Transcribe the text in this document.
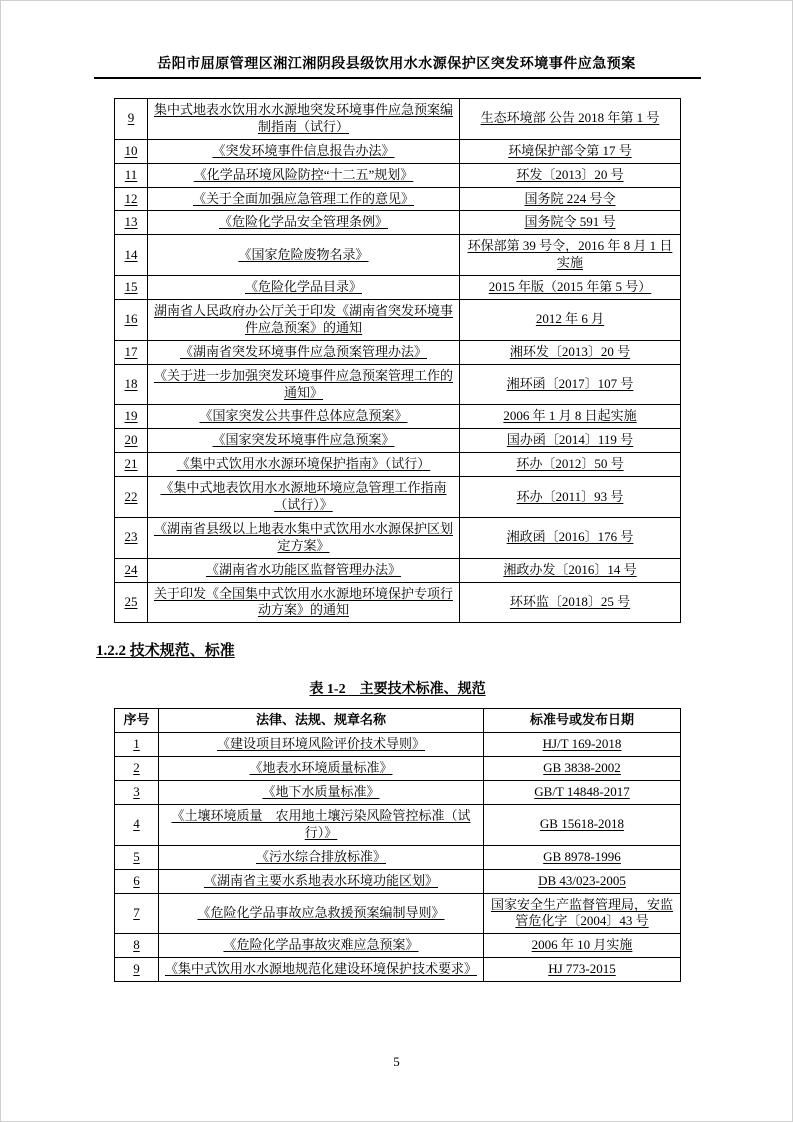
岳阳市屈原管理区湘江湘阴段县级饮用水水源保护区突发环境事件应急预案
9	集中式地表水饮用水水源地突发环境事件应急预案编制指南（试行）	生态环境部 公告 2018 年第 1 号
10	《突发环境事件信息报告办法》	环境保护部令第 17 号
11	《化学品环境风险防控“十二五”规划》	环发〔2013〕20 号
12	《关于全面加强应急管理工作的意见》	国务院 224 号令
13	《危险化学品安全管理条例》	国务院令 591 号
14	《国家危险废物名录》	环保部第 39 号令，2016 年 8 月 1 日实施
15	《危险化学品目录》	2015 年版（2015 年第 5 号）
16	湖南省人民政府办公厅关于印发《湖南省突发环境事件应急预案》的通知	2012 年 6 月
17	《湖南省突发环境事件应急预案管理办法》	湘环发〔2013〕20 号
18	《关于进一步加强突发环境事件应急预案管理工作的通知》	湘环函〔2017〕107 号
19	《国家突发公共事件总体应急预案》	2006 年 1 月 8 日起实施
20	《国家突发环境事件应急预案》	国办函〔2014〕119 号
21	《集中式饮用水水源环境保护指南》（试行）	环办〔2012〕50 号
22	《集中式地表饮用水水源地环境应急管理工作指南（试行）》	环办〔2011〕93 号
23	《湖南省县级以上地表水集中式饮用水水源保护区划定方案》	湘政函〔2016〕176 号
24	《湖南省水功能区监督管理办法》	湘政办发〔2016〕14 号
25	关于印发《全国集中式饮用水水源地环境保护专项行动方案》的通知	环环监〔2018〕25 号
1.2.2 技术规范、标准
表 1-2　主要技术标准、规范
序号	法律、法规、规章名称	标准号或发布日期
1	《建设项目环境风险评价技术导则》	HJ/T 169-2018
2	《地表水环境质量标准》	GB 3838-2002
3	《地下水质量标准》	GB/T 14848-2017
4	《土壤环境质量　农用地土壤污染风险管控标准（试行）》	GB 15618-2018
5	《污水综合排放标准》	GB 8978-1996
6	《湖南省主要水系地表水环境功能区划》	DB 43/023-2005
7	《危险化学品事故应急救援预案编制导则》	国家安全生产监督管理局，安监管危化字〔2004〕43 号
8	《危险化学品事故灾难应急预案》	2006 年 10 月实施
9	《集中式饮用水水源地规范化建设环境保护技术要求》	HJ 773-2015
5
